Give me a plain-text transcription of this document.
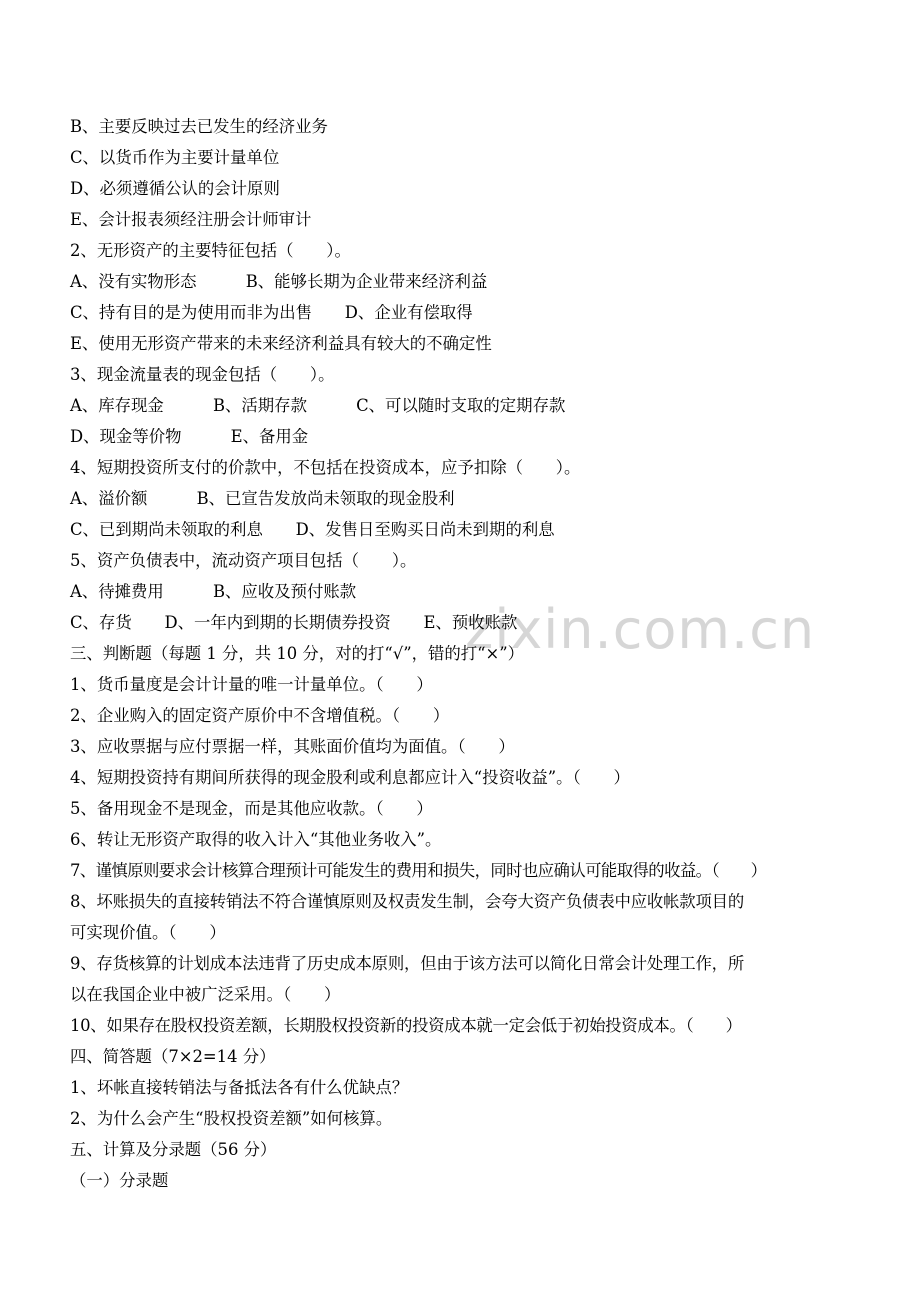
zixin.com.cn
B、主要反映过去已发生的经济业务
C、以货币作为主要计量单位
D、必须遵循公认的会计原则
E、会计报表须经注册会计师审计
2、无形资产的主要特征包括（　　）。
A、没有实物形态　　　B、能够长期为企业带来经济利益
C、持有目的是为使用而非为出售　　D、企业有偿取得
E、使用无形资产带来的未来经济利益具有较大的不确定性
3、现金流量表的现金包括（　　）。
A、库存现金　　　B、活期存款　　　C、可以随时支取的定期存款
D、现金等价物　　　E、备用金
4、短期投资所支付的价款中，不包括在投资成本，应予扣除（　　）。
A、溢价额　　　B、已宣告发放尚未领取的现金股利
C、已到期尚未领取的利息　　D、发售日至购买日尚未到期的利息
5、资产负债表中，流动资产项目包括（　　）。
A、待摊费用　　　B、应收及预付账款
C、存货　　D、一年内到期的长期债券投资　　E、预收账款
三、判断题（每题 1 分，共 10 分，对的打“√”，错的打“×”）
1、货币量度是会计计量的唯一计量单位。（　　）
2、企业购入的固定资产原价中不含增值税。（　　）
3、应收票据与应付票据一样，其账面价值均为面值。（　　）
4、短期投资持有期间所获得的现金股利或利息都应计入“投资收益”。（　　）
5、备用现金不是现金，而是其他应收款。（　　）
6、转让无形资产取得的收入计入“其他业务收入”。
7、谨慎原则要求会计核算合理预计可能发生的费用和损失，同时也应确认可能取得的收益。（　　）
8、坏账损失的直接转销法不符合谨慎原则及权责发生制，会夸大资产负债表中应收帐款项目的
可实现价值。（　　）
9、存货核算的计划成本法违背了历史成本原则，但由于该方法可以简化日常会计处理工作，所
以在我国企业中被广泛采用。（　　）
10、如果存在股权投资差额，长期股权投资新的投资成本就一定会低于初始投资成本。（　　）
四、简答题（7×2=14 分）
1、坏帐直接转销法与备抵法各有什么优缺点？
2、为什么会产生“股权投资差额”如何核算。
五、计算及分录题（56 分）
（一）分录题
